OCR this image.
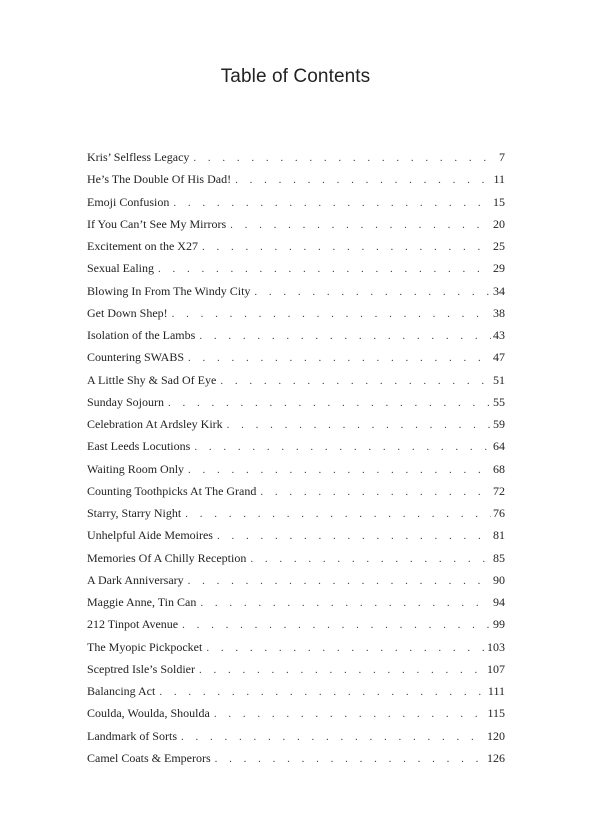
Table of Contents
Kris’ Selfless Legacy . . .	7
He’s The Double Of His Dad! . . .	11
Emoji Confusion . . .	15
If You Can’t See My Mirrors . . .	20
Excitement on the X27 . . .	25
Sexual Ealing . . .	29
Blowing In From The Windy City . . .	34
Get Down Shep! . . .	38
Isolation of the Lambs . . .	43
Countering SWABS . . .	47
A Little Shy & Sad Of Eye . . .	51
Sunday Sojourn . . .	55
Celebration At Ardsley Kirk . . .	59
East Leeds Locutions . . .	64
Waiting Room Only . . .	68
Counting Toothpicks At The Grand . . .	72
Starry, Starry Night . . .	76
Unhelpful Aide Memoires . . .	81
Memories Of A Chilly Reception . . .	85
A Dark Anniversary . . .	90
Maggie Anne, Tin Can . . .	94
212 Tinpot Avenue . . .	99
The Myopic Pickpocket . . .	103
Sceptred Isle’s Soldier . . .	107
Balancing Act . . .	111
Coulda, Woulda, Shoulda . . .	115
Landmark of Sorts . . .	120
Camel Coats & Emperors . . .	126
